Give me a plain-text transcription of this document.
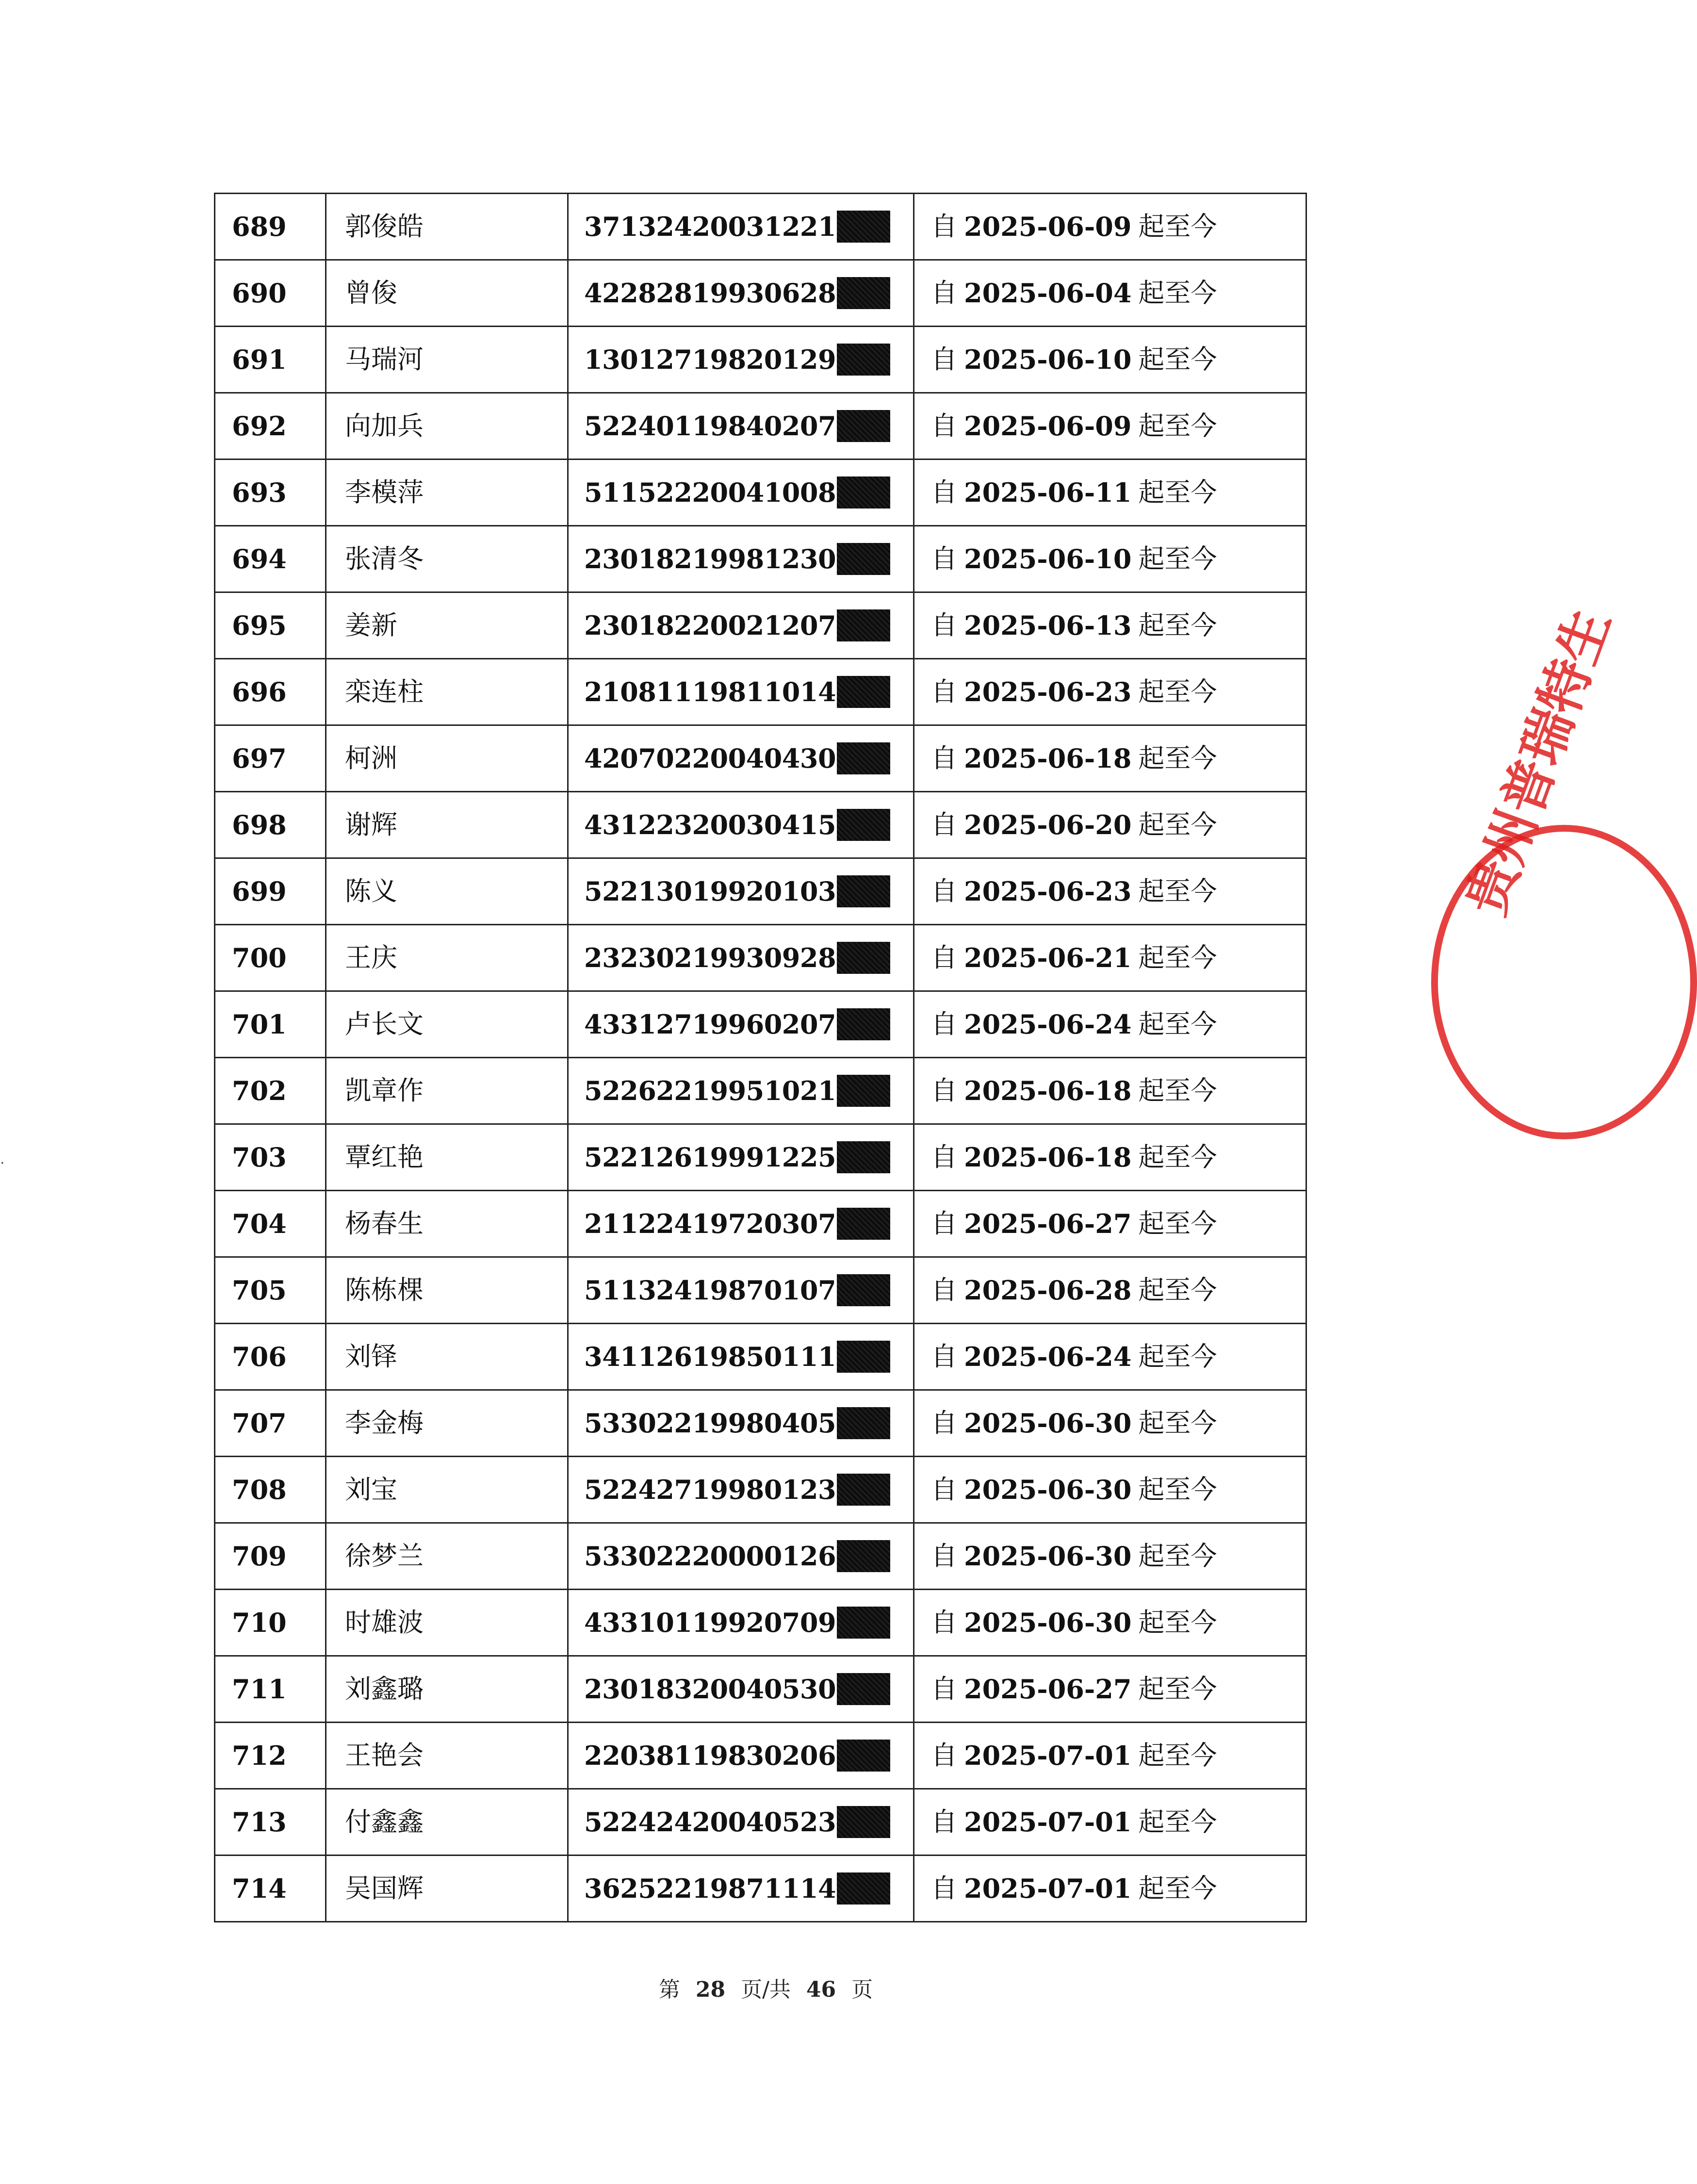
689	郭俊皓	37132420031221	自 2025-06-09 起至今
690	曾俊	42282819930628	自 2025-06-04 起至今
691	马瑞河	13012719820129	自 2025-06-10 起至今
692	向加兵	52240119840207	自 2025-06-09 起至今
693	李模萍	51152220041008	自 2025-06-11 起至今
694	张清冬	23018219981230	自 2025-06-10 起至今
695	姜新	23018220021207	自 2025-06-13 起至今
696	栾连柱	21081119811014	自 2025-06-23 起至今
697	柯洲	42070220040430	自 2025-06-18 起至今
698	谢辉	43122320030415	自 2025-06-20 起至今
699	陈义	52213019920103	自 2025-06-23 起至今
700	王庆	23230219930928	自 2025-06-21 起至今
701	卢长文	43312719960207	自 2025-06-24 起至今
702	凯章作	52262219951021	自 2025-06-18 起至今
703	覃红艳	52212619991225	自 2025-06-18 起至今
704	杨春生	21122419720307	自 2025-06-27 起至今
705	陈栋棵	51132419870107	自 2025-06-28 起至今
706	刘铎	34112619850111	自 2025-06-24 起至今
707	李金梅	53302219980405	自 2025-06-30 起至今
708	刘宝	52242719980123	自 2025-06-30 起至今
709	徐梦兰	53302220000126	自 2025-06-30 起至今
710	时雄波	43310119920709	自 2025-06-30 起至今
711	刘鑫璐	23018320040530	自 2025-06-27 起至今
712	王艳会	22038119830206	自 2025-07-01 起至今
713	付鑫鑫	52242420040523	自 2025-07-01 起至今
714	吴国辉	36252219871114	自 2025-07-01 起至今
第 28 页/共 46 页
贵州普瑞特生
·
